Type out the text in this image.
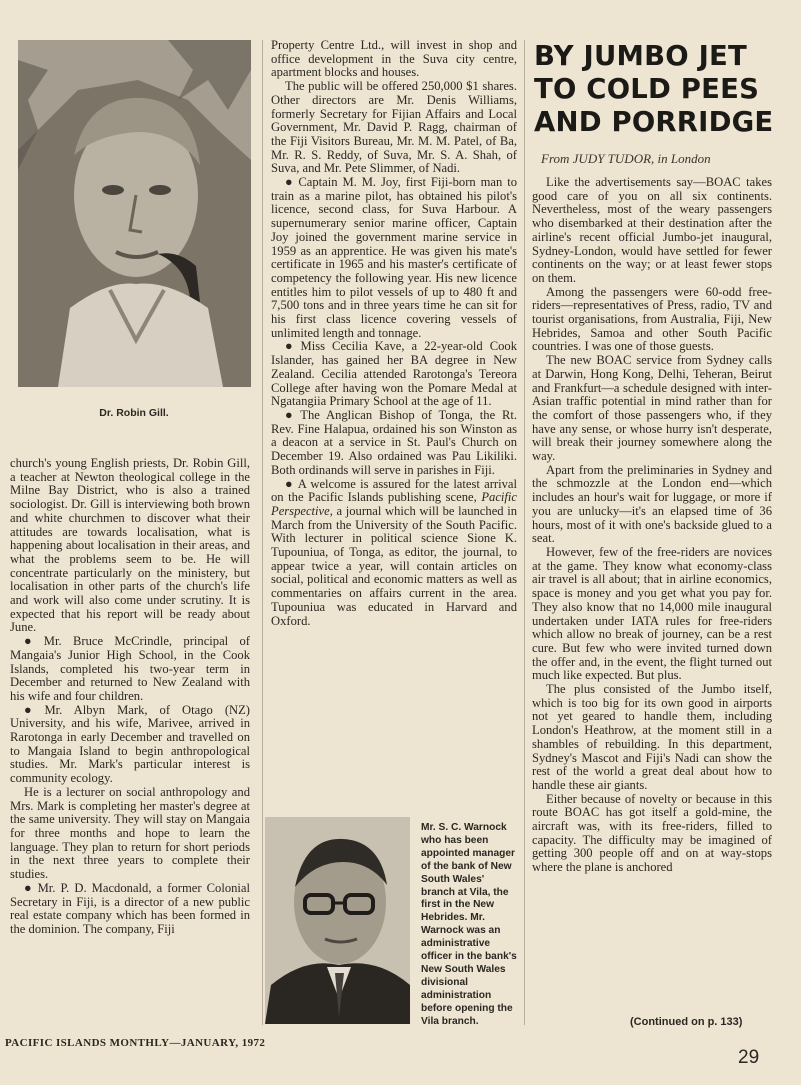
Dr. Robin Gill.

church's young English priests, Dr. Robin Gill, a teacher at Newton theological college in the Milne Bay District, who is also a trained sociologist. Dr. Gill is interviewing both brown and white churchmen to discover what their attitudes are towards localisation, what is happening about localisation in their areas, and what the problems seem to be. He will concentrate particularly on the ministery, but localisation in other parts of the church's life and work will also come under scrutiny. It is expected that his report will be ready about June.

● Mr. Bruce McCrindle, principal of Mangaia's Junior High School, in the Cook Islands, completed his two-year term in December and returned to New Zealand with his wife and four children.

● Mr. Albyn Mark, of Otago (NZ) University, and his wife, Marivee, arrived in Rarotonga in early December and travelled on to Mangaia Island to begin anthropological studies. Mr. Mark's particular interest is community ecology.

He is a lecturer on social anthropology and Mrs. Mark is completing her master's degree at the same university. They will stay on Mangaia for three months and hope to learn the language. They plan to return for short periods in the next three years to complete their studies.

● Mr. P. D. Macdonald, a former Colonial Secretary in Fiji, is a director of a new public real estate company which has been formed in the dominion. The company, Fiji

Property Centre Ltd., will invest in shop and office development in the Suva city centre, apartment blocks and houses.

The public will be offered 250,000 $1 shares. Other directors are Mr. Denis Williams, formerly Secretary for Fijian Affairs and Local Government, Mr. David P. Ragg, chairman of the Fiji Visitors Bureau, Mr. M. M. Patel, of Ba, Mr. R. S. Reddy, of Suva, Mr. S. A. Shah, of Suva, and Mr. Pete Slimmer, of Nadi.

● Captain M. M. Joy, first Fiji-born man to train as a marine pilot, has obtained his pilot's licence, second class, for Suva Harbour. A supernumerary senior marine officer, Captain Joy joined the government marine service in 1959 as an apprentice. He was given his mate's certificate in 1965 and his master's certificate of competency the following year. His new licence entitles him to pilot vessels of up to 480 ft and 7,500 tons and in three years time he can sit for his first class licence covering vessels of unlimited length and tonnage.

● Miss Cecilia Kave, a 22-year-old Cook Islander, has gained her BA degree in New Zealand. Cecilia attended Rarotonga's Tereora College after having won the Pomare Medal at Ngatangiia Primary School at the age of 11.

● The Anglican Bishop of Tonga, the Rt. Rev. Fine Halapua, ordained his son Winston as a deacon at a service in St. Paul's Church on December 19. Also ordained was Pau Likiliki. Both ordinands will serve in parishes in Fiji.

● A welcome is assured for the latest arrival on the Pacific Islands publishing scene, Pacific Perspective, a journal which will be launched in March from the University of the South Pacific. With lecturer in political science Sione K. Tupouniua, of Tonga, as editor, the journal, to appear twice a year, will contain articles on social, political and economic matters as well as commentaries on affairs current in the area. Tupouniua was educated in Harvard and Oxford.

Mr. S. C. Warnock who has been appointed manager of the bank of New South Wales' branch at Vila, the first in the New Hebrides. Mr. Warnock was an administrative officer in the bank's New South Wales divisional administration before opening the Vila branch.
BY JUMBO JET
TO COLD PEES
AND PORRIDGE
From JUDY TUDOR, in London

Like the advertisements say—BOAC takes good care of you on all six continents. Nevertheless, most of the weary passengers who disembarked at their destination after the airline's recent official Jumbo-jet inaugural, Sydney-London, would have settled for fewer continents on the way; or at least fewer stops on them.

Among the passengers were 60-odd free-riders—representatives of Press, radio, TV and tourist organisations, from Australia, Fiji, New Hebrides, Samoa and other South Pacific countries. I was one of those guests.

The new BOAC service from Sydney calls at Darwin, Hong Kong, Delhi, Teheran, Beirut and Frankfurt—a schedule designed with inter-Asian traffic potential in mind rather than for the comfort of those passengers who, if they have any sense, or whose hurry isn't desperate, will break their journey somewhere along the way.

Apart from the preliminaries in Sydney and the schmozzle at the London end—which includes an hour's wait for luggage, or more if you are unlucky—it's an elapsed time of 36 hours, most of it with one's backside glued to a seat.

However, few of the free-riders are novices at the game. They know what economy-class air travel is all about; that in airline economics, space is money and you get what you pay for. They also know that no 14,000 mile inaugural undertaken under IATA rules for free-riders which allow no break of journey, can be a rest cure. But few who were invited turned down the offer and, in the event, the flight turned out much like expected. But plus.

The plus consisted of the Jumbo itself, which is too big for its own good in airports not yet geared to handle them, including London's Heathrow, at the moment still in a shambles of rebuilding. In this department, Sydney's Mascot and Fiji's Nadi can show the rest of the world a great deal about how to handle these air giants.

Either because of novelty or because in this route BOAC has got itself a gold-mine, the aircraft was, with its free-riders, filled to capacity. The difficulty may be imagined of getting 300 people off and on at way-stops where the plane is anchored

(Continued on p. 133)
PACIFIC ISLANDS MONTHLY—JANUARY, 1972
29
